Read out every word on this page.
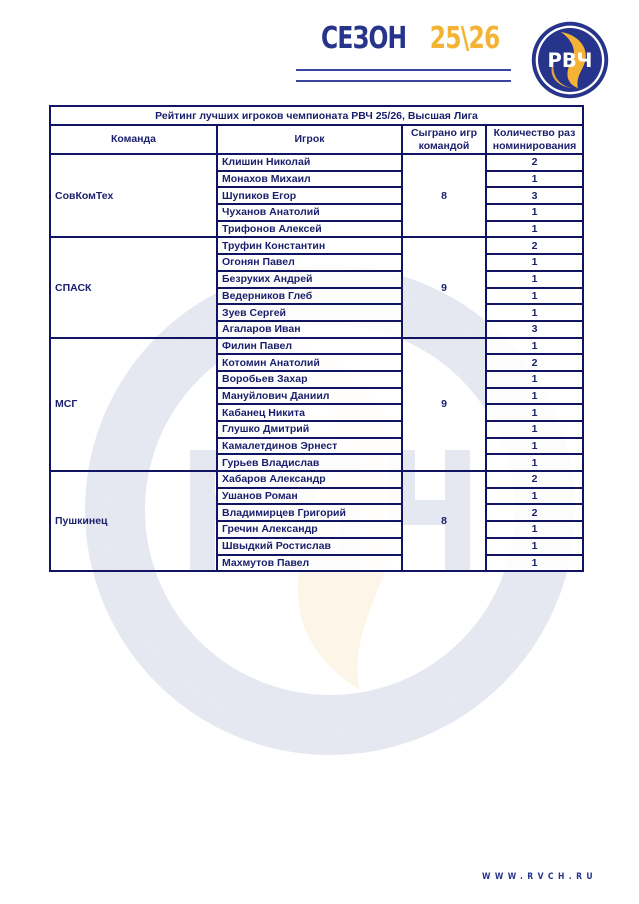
СЕЗОН 25\26
РВЧ
Рейтинг лучших игроков чемпионата РВЧ 25/26, Высшая Лига			
Команда	Игрок	Сыграно игр командой	Количество раз номинирования
СовКомТех	Клишин Николай	8	2
	Монахов Михаил		1
	Шупиков Егор		3
	Чуханов Анатолий		1
	Трифонов Алексей		1
СПАСК	Труфин Константин	9	2
	Огонян Павел		1
	Безруких Андрей		1
	Ведерников Глеб		1
	Зуев Сергей		1
	Агаларов Иван		3
МСГ	Филин Павел	9	1
	Котомин Анатолий		2
	Воробьев Захар		1
	Мануйлович Даниил		1
	Кабанец Никита		1
	Глушко Дмитрий		1
	Камалетдинов Эрнест		1
	Гурьев Владислав		1
Пушкинец	Хабаров Александр	8	2
	Ушанов Роман		1
	Владимирцев Григорий		2
	Гречин Александр		1
	Швыдкий Ростислав		1
	Махмутов Павел		1
WWW.RVCH.RU
